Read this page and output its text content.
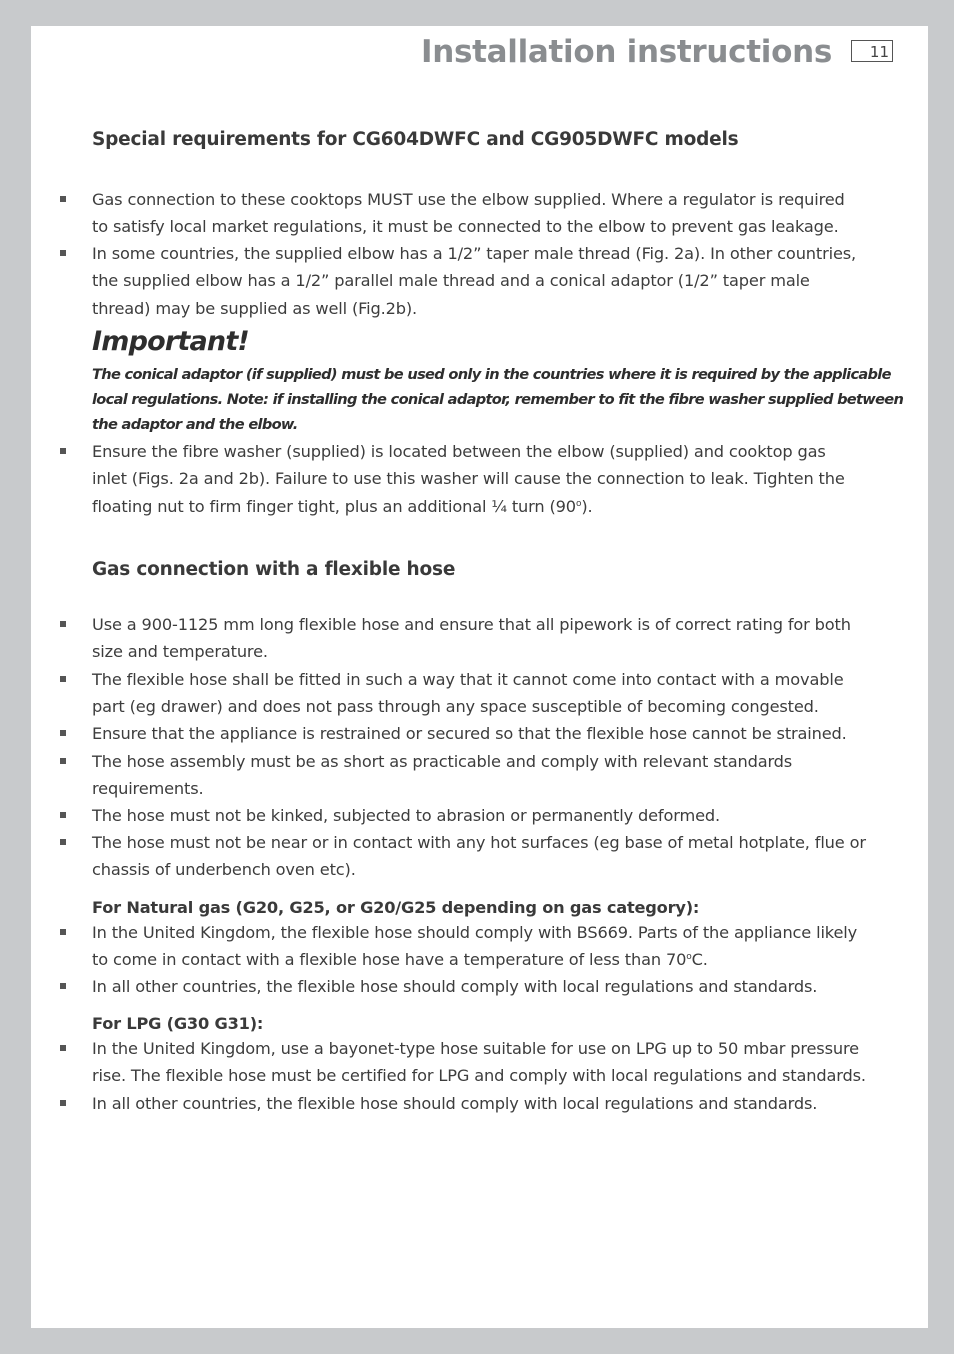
Installation instructions	11
Special requirements for CG604DWFC and CG905DWFC models
Gas connection to these cooktops MUST use the elbow supplied. Where a regulator is required
to satisfy local market regulations, it must be connected to the elbow to prevent gas leakage.
In some countries, the supplied elbow has a 1/2” taper male thread (Fig. 2a). In other countries,
the supplied elbow has a 1/2” parallel male thread and a conical adaptor (1/2” taper male
thread) may be supplied as well (Fig.2b).
Important!
The conical adaptor (if supplied) must be used only in the countries where it is required by the applicable
local regulations. Note: if installing the conical adaptor, remember to fit the fibre washer supplied between
the adaptor and the elbow.
Ensure the fibre washer (supplied) is located between the elbow (supplied) and cooktop gas
inlet (Figs. 2a and 2b). Failure to use this washer will cause the connection to leak. Tighten the
floating nut to firm finger tight, plus an additional ¼ turn (90$^o$).
Gas connection with a flexible hose
Use a 900-1125 mm long flexible hose and ensure that all pipework is of correct rating for both
size and temperature.
The flexible hose shall be fitted in such a way that it cannot come into contact with a movable
part (eg drawer) and does not pass through any space susceptible of becoming congested.
Ensure that the appliance is restrained or secured so that the flexible hose cannot be strained.
The hose assembly must be as short as practicable and comply with relevant standards
requirements.
The hose must not be kinked, subjected to abrasion or permanently deformed.
The hose must not be near or in contact with any hot surfaces (eg base of metal hotplate, flue or
chassis of underbench oven etc).
For Natural gas (G20, G25, or G20/G25 depending on gas category):
In the United Kingdom, the flexible hose should comply with BS669. Parts of the appliance likely
to come in contact with a flexible hose have a temperature of less than 70$^o$C.
In all other countries, the flexible hose should comply with local regulations and standards.
For LPG (G30 G31):
In the United Kingdom, use a bayonet-type hose suitable for use on LPG up to 50 mbar pressure
rise. The flexible hose must be certified for LPG and comply with local regulations and standards.
In all other countries, the flexible hose should comply with local regulations and standards.
